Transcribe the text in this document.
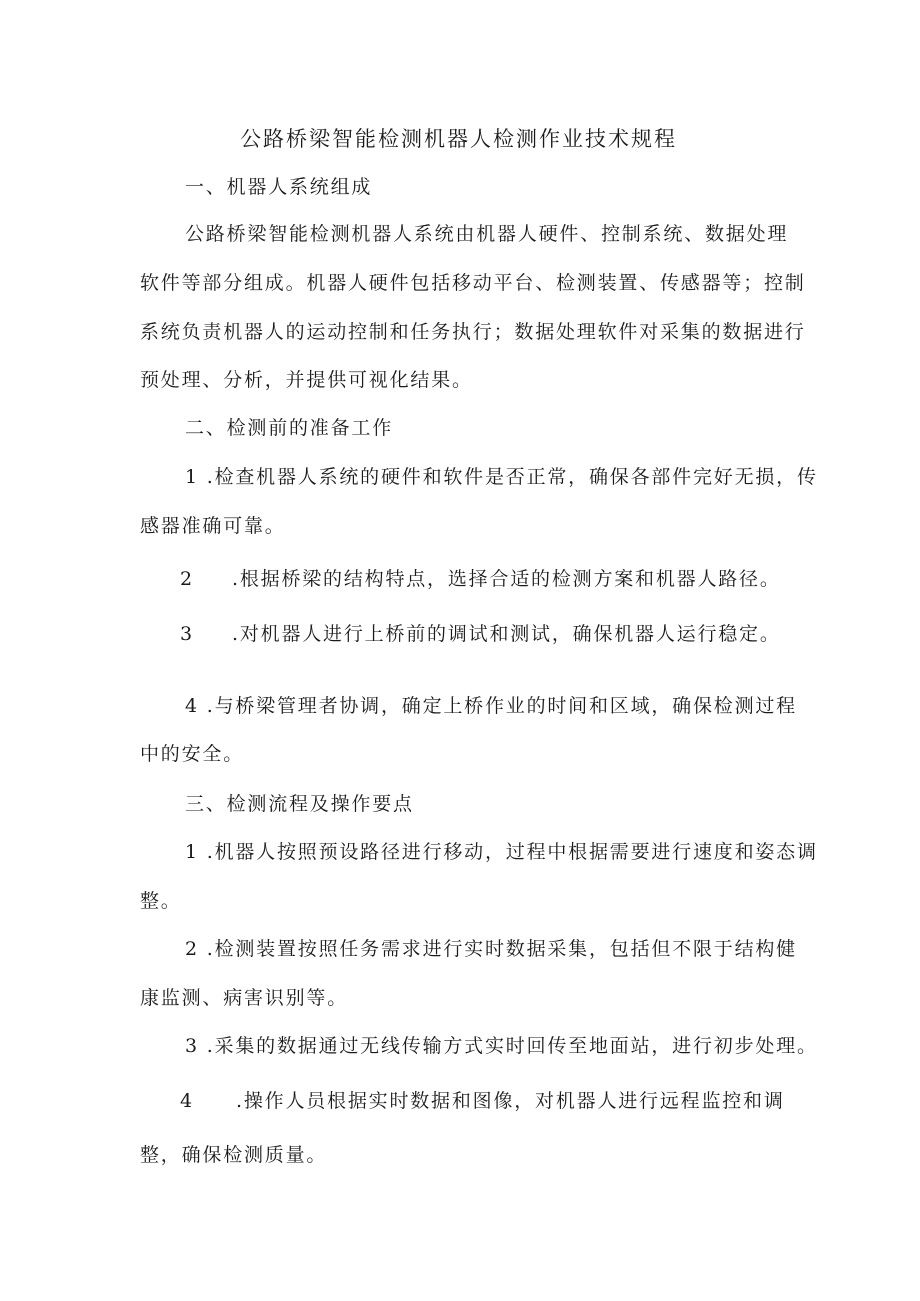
公路桥梁智能检测机器人检测作业技术规程
一、机器人系统组成
公路桥梁智能检测机器人系统由机器人硬件、控制系统、数据处理
软件等部分组成。机器人硬件包括移动平台、检测装置、传感器等；控制
系统负责机器人的运动控制和任务执行；数据处理软件对采集的数据进行
预处理、分析，并提供可视化结果。
二、检测前的准备工作
1 .检查机器人系统的硬件和软件是否正常，确保各部件完好无损，传
感器准确可靠。
2 .根据桥梁的结构特点，选择合适的检测方案和机器人路径。
3 .对机器人进行上桥前的调试和测试，确保机器人运行稳定。
4 .与桥梁管理者协调，确定上桥作业的时间和区域，确保检测过程
中的安全。
三、检测流程及操作要点
1 .机器人按照预设路径进行移动，过程中根据需要进行速度和姿态调
整。
2 .检测装置按照任务需求进行实时数据采集，包括但不限于结构健
康监测、病害识别等。
3 .采集的数据通过无线传输方式实时回传至地面站，进行初步处理。
4 .操作人员根据实时数据和图像，对机器人进行远程监控和调
整，确保检测质量。
